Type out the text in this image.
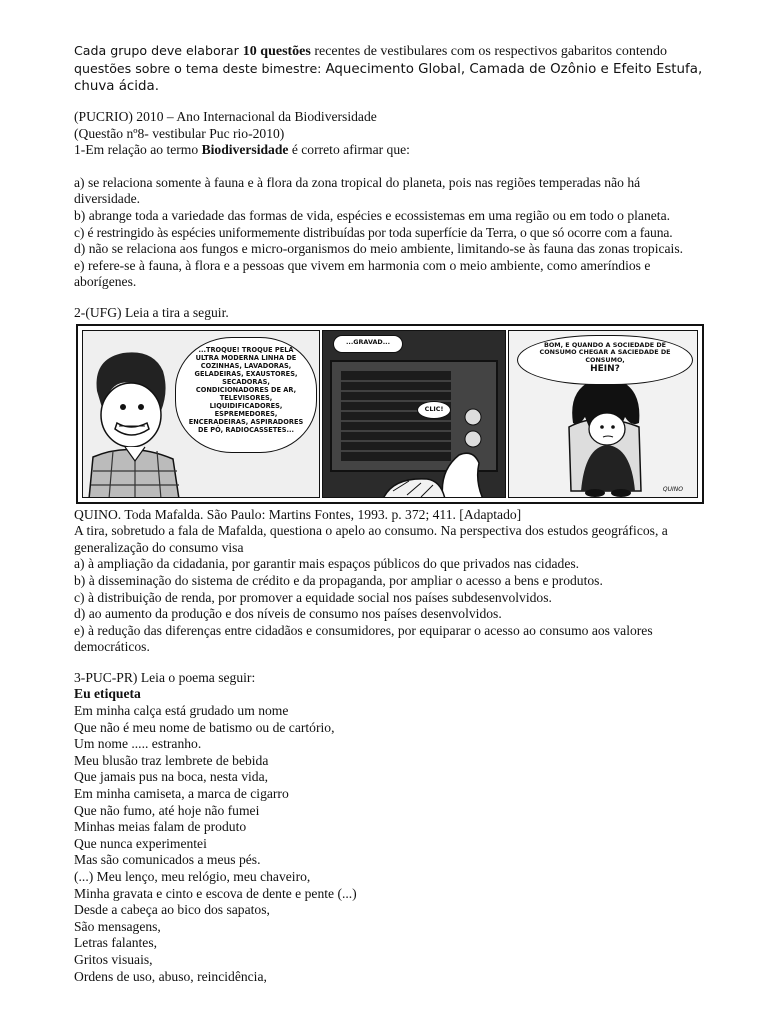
Cada grupo deve elaborar 10 questões recentes de vestibulares com os respectivos gabaritos contendo
questões sobre o tema deste bimestre: Aquecimento Global, Camada de Ozônio e Efeito Estufa,
chuva ácida.
(PUCRIO) 2010 – Ano Internacional da Biodiversidade
(Questão nº8- vestibular Puc rio-2010)
1-Em relação ao termo Biodiversidade é correto afirmar que:
a) se relaciona somente à fauna e à flora da zona tropical do planeta, pois nas regiões temperadas não há diversidade.
b) abrange toda a variedade das formas de vida, espécies e ecossistemas em uma região ou em todo o planeta.
c) é restringido às espécies uniformemente distribuídas por toda superfície da Terra, o que só ocorre com a fauna.
d) não se relaciona aos fungos e micro-organismos do meio ambiente, limitando-se às fauna das zonas tropicais.
e) refere-se à fauna, à flora e a pessoas que vivem em harmonia com o meio ambiente, como ameríndios e aborígenes.
2-(UFG) Leia a tira a seguir.
...TROQUE! TROQUE PELA ULTRA MODERNA LINHA DE COZINHAS, LAVADORAS, GELADEIRAS, EXAUSTORES, SECADORAS, CONDICIONADORES DE AR, TELEVISORES, LIQUIDIFICADORES, ESPREMEDORES, ENCERADEIRAS, ASPIRADORES DE PÓ, RADIOCASSETES...
...GRAVAD...
CLIC!
BOM, E QUANDO A SOCIEDADE DE CONSUMO CHEGAR A SACIEDADE DE CONSUMO,
HEIN?
QUINO
QUINO. Toda Mafalda. São Paulo: Martins Fontes, 1993. p. 372; 411. [Adaptado]
A tira, sobretudo a fala de Mafalda, questiona o apelo ao consumo. Na perspectiva dos estudos geográficos, a generalização do consumo visa
a) à ampliação da cidadania, por garantir mais espaços públicos do que privados nas cidades.
b) à disseminação do sistema de crédito e da propaganda, por ampliar o acesso a bens e produtos.
c) à distribuição de renda, por promover a equidade social nos países subdesenvolvidos.
d) ao aumento da produção e dos níveis de consumo nos países desenvolvidos.
e) à redução das diferenças entre cidadãos e consumidores, por equiparar o acesso ao consumo aos valores democráticos.
3-PUC-PR) Leia o poema seguir:
Eu etiqueta
Em minha calça está grudado um nome
Que não é meu nome de batismo ou de cartório,
Um nome ..... estranho.
Meu blusão traz lembrete de bebida
Que jamais pus na boca, nesta vida,
Em minha camiseta, a marca de cigarro
Que não fumo, até hoje não fumei
Minhas meias falam de produto
Que nunca experimentei
Mas são comunicados a meus pés.
(...) Meu lenço, meu relógio, meu chaveiro,
Minha gravata e cinto e escova de dente e pente (...)
Desde a cabeça ao bico dos sapatos,
São mensagens,
Letras falantes,
Gritos visuais,
Ordens de uso, abuso, reincidência,
